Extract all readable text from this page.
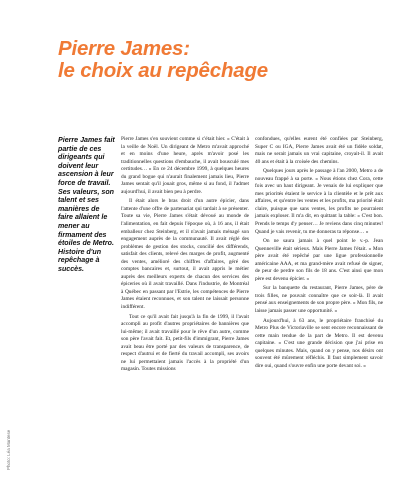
Pierre James:
le choix au repêchage
Photo: Léa Mantese

Pierre James fait partie de ces dirigeants qui doivent leur ascension à leur force de travail. Ses valeurs, son talent et ses manières de faire allaient le mener au firmament des étoiles de Metro. Histoire d'un repêchage à succès.

Pierre James s'en souvient comme si c'était hier. « C'était à la veille de Noël. Un dirigeant de Metro m'avait approché et en moins d'une heure, après m'avoir posé les traditionnelles questions d'embauche, il avait bousculé mes certitudes… » En ce 24 décembre 1999, à quelques heures du grand bogue qui n'aurait finalement jamais lieu, Pierre James sentait qu'il jouait gros, même si au fond, il l'admet aujourd'hui, il avait bien peu à perdre.

Il était alors le bras droit d'un autre épicier, dans l'attente d'une offre de partenariat qui tardait à se présenter. Toute sa vie, Pierre James s'était dévoué au monde de l'alimentation, en fait depuis l'époque où, à 16 ans, il était emballeur chez Steinberg, et il n'avait jamais ménagé son engagement auprès de la communauté. Il avait réglé des problèmes de gestion des stocks, concilié des différends, satisfait des clients, relevé des marges de profit, augmenté des ventes, amélioré des chiffres d'affaires, géré des comptes bancaires et, surtout, il avait appris le métier auprès des meilleurs experts de chacun des services des épiceries où il avait travaillé. Dans l'industrie, de Montréal à Québec en passant par l'Estrie, les compétences de Pierre James étaient reconnues, et son talent ne laissait personne indifférent.

Tout ce qu'il avait fait jusqu'à la fin de 1999, il l'avait accompli au profit d'autres propriétaires de bannières que lui-même; il avait travaillé pour le rêve d'un autre, comme son père l'avait fait. Et, petit-fils d'immigrant, Pierre James avait beau être porté par des valeurs de transparence, de respect d'autrui et de fierté du travail accompli, ses avoirs ne lui permettaient jamais l'accès à la propriété d'un magasin. Toutes missions

confondues, qu'elles eurent été confiées par Steinberg, Super C ou IGA, Pierre James avait été un fidèle soldat, mais ne serait jamais un vrai capitaine, croyait-il. Il avait 40 ans et était à la croisée des chemins.

Quelques jours après le passage à l'an 2000, Metro a de nouveau frappé à sa porte. « Nous étions chez Cora, cette fois avec un haut dirigeant. Je venais de lui expliquer que mes priorités étaient le service à la clientèle et le prêt aux affaires, et qu'entre les ventes et les profits, ma priorité était claire, puisque que sans ventes, les profits ne pourraient jamais exploser. Il m'a dit, en quittant la table: « C'est bon. Prends le temps d'y penser… Je reviens dans cinq minutes! Quand je vais revenir, tu me donneras ta réponse… »

On ne saura jamais à quel point le v.-p. Jean Quenneville était sérieux. Mais Pierre James l'était. « Mon père avait été repêché par une ligue professionnelle américaine AAA, et ma grand-mère avait refusé de signer, de peur de perdre son fils de 18 ans. C'est ainsi que mon père est devenu épicier. »

Sur la banquette du restaurant, Pierre James, père de trois filles, ne pouvait connaître que ce soir-là. Il avait pensé aux enseignements de son propre père. « Mon fils, ne laisse jamais passer une opportunité. »

Aujourd'hui, à 63 ans, le propriétaire franchisé du Metro Plus de Victoriaville se sent encore reconnaissant de cette main tendue de la part de Metro. Il est devenu capitaine. « C'est une grande décision que j'ai prise en quelques minutes. Mais, quand on y pense, nos désirs ont souvent été mûrement réfléchis. Il faut simplement savoir dire oui, quand s'ouvre enfin une porte devant soi. »
